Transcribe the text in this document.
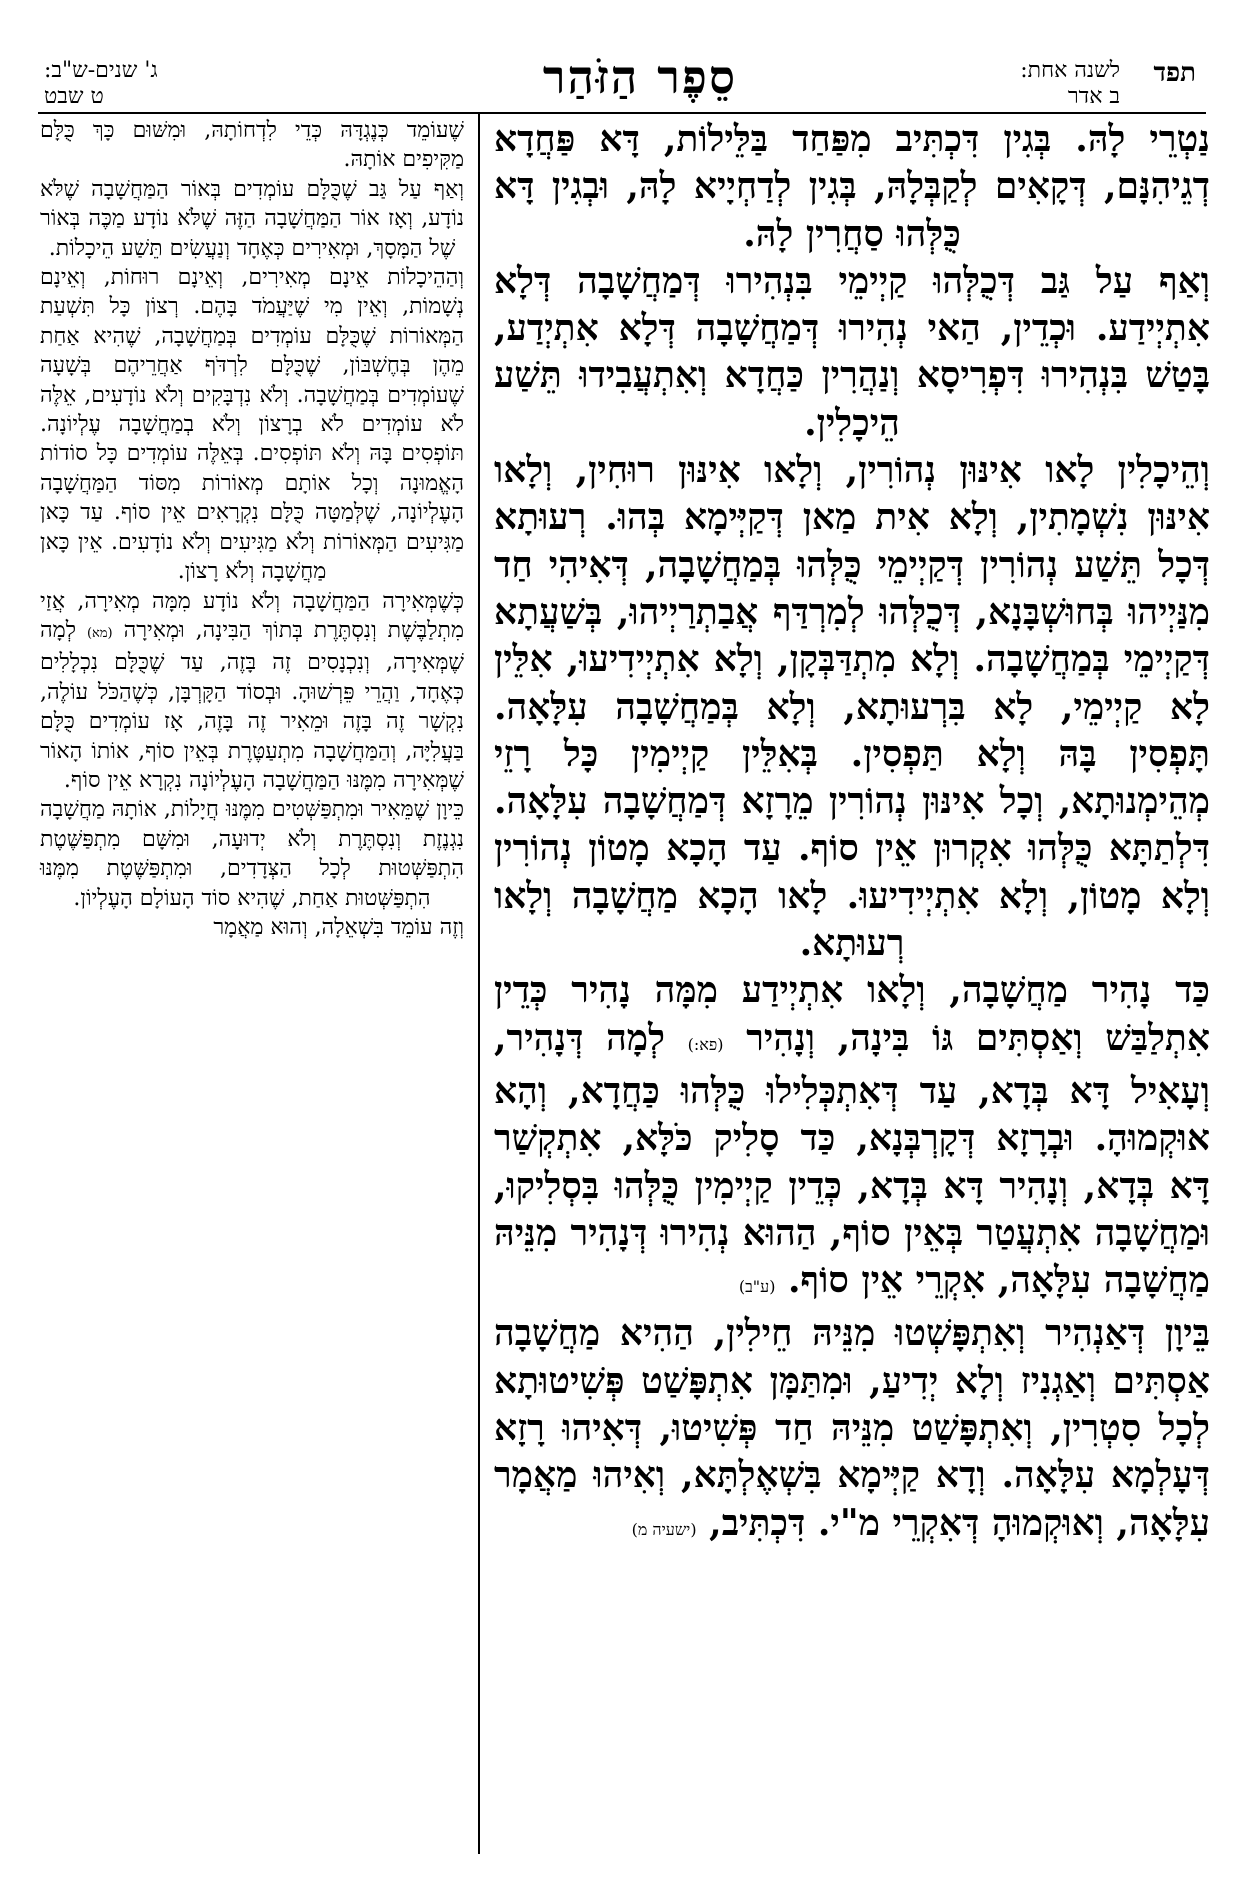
תפד
לשנה אחת:
ב אדר
סֵפֶר הַזֹּהַר
ג' שנים-ש"ב:
ט שבט

נַטְרֵי לָהּ. בְּגִין דִּכְתִּיב מִפַּחַד בַּלֵּילוֹת, דָּא פַּחֲדָא דְגֵיהִנָּם, דְּקָאִים לְקַבְּלָהּ, בְּגִין לְדַחְיָיא לָהּ, וּבְגִין דָּא כֻּלְּהוּ סַחֲרִין לָהּ.

וְאַף עַל גַּב דְּכֻלְּהוּ קַיְימֵי בִּנְהִירוּ דְּמַחֲשָׁבָה דְּלָא אִתְיְידַע. וּכְדֵין, הַאי נְהִירוּ דְּמַחֲשָׁבָה דְּלָא אִתְיְדַע, בָּטַשׁ בִּנְהִירוּ דִּפְרִיסָא וְנַהֲרִין כַּחֲדָא וְאִתְעֲבִידוּ תֵּשַׁע הֵיכָלִין.

וְהֵיכָלִין לָאו אִינּוּן נְהוֹרִין, וְלָאו אִינּוּן רוּחִין, וְלָאו אִינּוּן נִשְׁמָתִין, וְלָא אִית מַאן דְּקַיְּימָא בְּהוּ. רְעוּתָא דְּכָל תֵּשַׁע נְהוֹרִין דְּקַיְימֵי כֻּלְּהוּ בְּמַחֲשָׁבָה, דְּאִיהִי חַד מִנַּיְיהוּ בְּחוּשְׁבָּנָא, דְּכֻלְּהוּ לְמִרְדַּף אֲבַתְרַיְיהוּ, בְּשַׁעֲתָא דְּקַיְימֵי בְּמַחֲשָׁבָה. וְלָא מִתְדַּבְּקָן, וְלָא אִתְיְידִיעוּ, אִלֵּין לָא קַיְימֵי, לָא בִּרְעוּתָא, וְלָא בְּמַחֲשָׁבָה עִלָּאָה. תָּפְסִין בָּהּ וְלָא תַּפְסִין. בְּאִלֵּין קַיְימִין כָּל רָזֵי מְהֵימְנוּתָא, וְכָל אִינּוּן נְהוֹרִין מֵרָזָא דְּמַחֲשָׁבָה עִלָּאָה. דִּלְתַתָּא כֻּלְּהוּ אִקְרוּן אֵין סוֹף. עַד הָכָא מָטוֹן נְהוֹרִין וְלָא מָטוֹן, וְלָא אִתְיְידִיעוּ. לָאו הָכָא מַחֲשָׁבָה וְלָאו רְעוּתָא.

כַּד נָהִיר מַחֲשָׁבָה, וְלָאו אִתְיְידַע מִמָּה נָהִיר כְּדֵין אִתְלַבַּשׁ וְאַסְתִּים גּוֹ בִּינָה, וְנָהִיר (פא:) לְמָה דְּנָהִיר, וְעָאִיל דָּא בְּדָא, עַד דְּאִתְכְּלִילוּ כֻּלְּהוּ כַּחֲדָא, וְהָא אוּקְמוּהָ. וּבְרָזָא דְּקָרְבְּנָא, כַּד סָלִיק כֹּלָּא, אִתְקְשַׁר דָּא בְּדָא, וְנָהִיר דָּא בְּדָא, כְּדֵין קַיְימִין כֻּלְּהוּ בִּסְלִיקוּ, וּמַחֲשָׁבָה אִתְעֲטַר בְּאֵין סוֹף, הַהוּא נְהִירוּ דְּנָהִיר מִנֵּיהּ מַחֲשָׁבָה עִלָּאָה, אִקְרֵי אֵין סוֹף. (ע"ב)

בֵּיוָן דְּאַנְהִיר וְאִתְפָּשְׁטוּ מִנֵּיהּ חֵילִין, הַהִיא מַחֲשָׁבָה אַסְתִּים וְאַגְנִיז וְלָא יְדִיעַ, וּמִתַּמָּן אִתְפָּשַׁט פְּשִׁיטוּתָא לְכָל סִטְרִין, וְאִתְפָּשַׁט מִנֵּיהּ חַד פְּשִׁיטוּ, דְּאִיהוּ רָזָא דְּעָלְמָא עִלָּאָה. וְדָא קַיְּימָא בִּשְׁאֶלְתָּא, וְאִיהוּ מַאֲמָר עִלָּאָה, וְאוּקְמוּהָ דְּאִקְרֵי מ"י. דִּכְתִּיב, (ישעיה מ)

שֶׁעוֹמֵד כְּנֶגְדָּהּ כְּדֵי לִדְחוֹתָהּ, וּמִשּׁוּם כָּךְ כֻּלָּם מַקִּיפִים אוֹתָהּ.

וְאַף עַל גַּב שֶׁכֻּלָּם עוֹמְדִים בְּאוֹר הַמַּחֲשָׁבָה שֶׁלֹּא נוֹדָע, וְאָז אוֹר הַמַּחֲשָׁבָה הַזֶּה שֶׁלֹּא נוֹדָע מַכֶּה בְּאוֹר שֶׁל הַמָּסָךְ, וּמְאִירִים כְּאֶחָד וְנַעֲשִׂים תֵּשַׁע הֵיכָלוֹת.

וְהַהֵיכָלוֹת אֵינָם מְאִירִים, וְאֵינָם רוּחוֹת, וְאֵינָם נְשָׁמוֹת, וְאֵין מִי שֶׁיַּעֲמֹד בָּהֶם. רְצוֹן כָּל תִּשְׁעַת הַמְּאוֹרוֹת שֶׁכֻּלָּם עוֹמְדִים בְּמַחֲשָׁבָה, שֶׁהִיא אַחַת מֵהֶן בְּחֶשְׁבּוֹן, שֶׁכֻּלָּם לִרְדֹּף אַחֲרֵיהֶם בְּשָׁעָה שֶׁעוֹמְדִים בְּמַחֲשָׁבָה. וְלֹא נִדְבָּקִים וְלֹא נוֹדָעִים, אֵלֶּה לֹא עוֹמְדִים לֹא בְרָצוֹן וְלֹא בְמַחֲשָׁבָה עֶלְיוֹנָה. תּוֹפְסִים בָּהּ וְלֹא תּוֹפְסִים. בְּאֵלֶּה עוֹמְדִים כָּל סוֹדוֹת הָאֱמוּנָה וְכָל אוֹתָם מְאוֹרוֹת מִסּוֹד הַמַּחֲשָׁבָה הָעֶלְיוֹנָה, שֶׁלְּמַטָּה כֻּלָּם נִקְרָאִים אֵין סוֹף. עַד כָּאן מַגִּיעִים הַמְּאוֹרוֹת וְלֹא מַגִּיעִים וְלֹא נוֹדָעִים. אֵין כָּאן מַחֲשָׁבָה וְלֹא רָצוֹן.

כְּשֶׁמְּאִירָה הַמַּחֲשָׁבָה וְלֹא נוֹדָע מִמָּה מְאִירָה, אֲזַי מִתְלַבֶּשֶׁת וְנִסְתֶּרֶת בְּתוֹךְ הַבִּינָה, וּמְאִירָה (מא) לְמָה שֶׁמְּאִירָה, וְנִכְנָסִים זֶה בָּזֶה, עַד שֶׁכֻּלָּם נִכְלָלִים כְּאֶחָד, וַהֲרֵי פֵּרְשׁוּהָ. וּבְסוֹד הַקָּרְבָּן, כְּשֶׁהַכֹּל עוֹלֶה, נִקְשָׁר זֶה בָּזֶה וּמֵאִיר זֶה בָּזֶה, אָז עוֹמְדִים כֻּלָּם בַּעֲלִיָּה, וְהַמַּחֲשָׁבָה מִתְעַטֶּרֶת בְּאֵין סוֹף, אוֹתוֹ הָאוֹר שֶׁמְּאִירָה מִמֶּנּוּ הַמַּחֲשָׁבָה הָעֶלְיוֹנָה נִקְרָא אֵין סוֹף.

כֵּיוָן שֶׁמֵּאִיר וּמִתְפַּשְּׁטִים מִמֶּנּוּ חֲיָלוֹת, אוֹתָהּ מַחֲשָׁבָה נִגְנֶזֶת וְנִסְתֶּרֶת וְלֹא יְדוּעָה, וּמִשָּׁם מִתְפַּשֶּׁטֶת הִתְפַּשְּׁטוּת לְכָל הַצְּדָדִים, וּמִתְפַּשֶּׁטֶת מִמֶּנּוּ הִתְפַּשְּׁטוּת אַחַת, שֶׁהִיא סוֹד הָעוֹלָם הָעֶלְיוֹן.

וְזֶה עוֹמֵד בִּשְׁאֵלָה, וְהוּא מַאֲמָר
